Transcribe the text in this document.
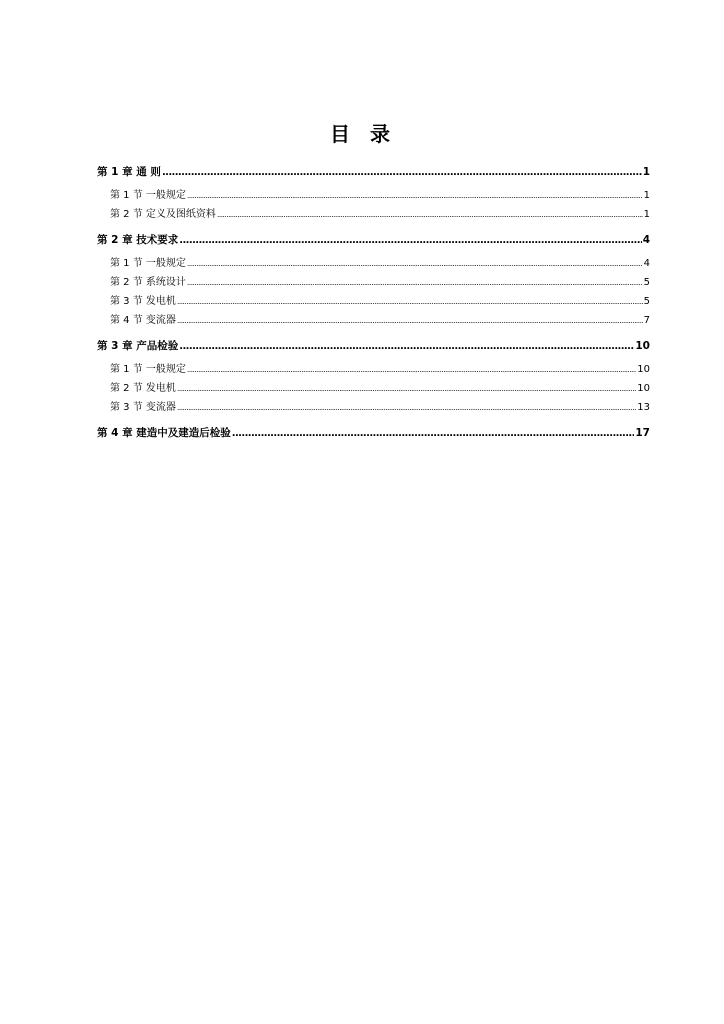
目 录
第 1 章 通 则 .....	1
第 1 节 一般规定 .....	1
第 2 节 定义及图纸资料 .....	1
第 2 章 技术要求 .....	4
第 1 节 一般规定 .....	4
第 2 节 系统设计 .....	5
第 3 节 发电机 .....	5
第 4 节 变流器 .....	7
第 3 章 产品检验 .....	10
第 1 节 一般规定 .....	10
第 2 节 发电机 .....	10
第 3 节 变流器 .....	13
第 4 章 建造中及建造后检验 .....	17
